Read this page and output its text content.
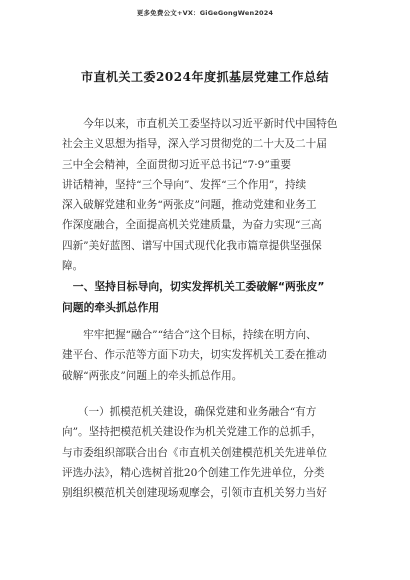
更多免费公文+VX：GiGeGongWen2024
市直机关工委2024年度抓基层党建工作总结
　　今年以来，市直机关工委坚持以习近平新时代中国特色
社会主义思想为指导，深入学习贯彻党的二十大及二十届
三中全会精神，全面贯彻习近平总书记“7·9”重要
讲话精神，坚持“三个导向”、发挥“三个作用”，持续
深入破解党建和业务“两张皮”问题，推动党建和业务工
作深度融合，全面提高机关党建质量，为奋力实现“三高
四新”美好蓝图、谱写中国式现代化我市篇章提供坚强保
障。
　一、坚持目标导向，切实发挥机关工委破解“两张皮”
问题的牵头抓总作用
　　牢牢把握“融合”“结合”这个目标，持续在明方向、
建平台、作示范等方面下功夫，切实发挥机关工委在推动
破解“两张皮”问题上的牵头抓总作用。
　　（一）抓模范机关建设，确保党建和业务融合“有方
向”。坚持把模范机关建设作为机关党建工作的总抓手，
与市委组织部联合出台《市直机关创建模范机关先进单位
评选办法》，精心选树首批20个创建工作先进单位，分类
别组织模范机关创建现场观摩会，引领市直机关努力当好
